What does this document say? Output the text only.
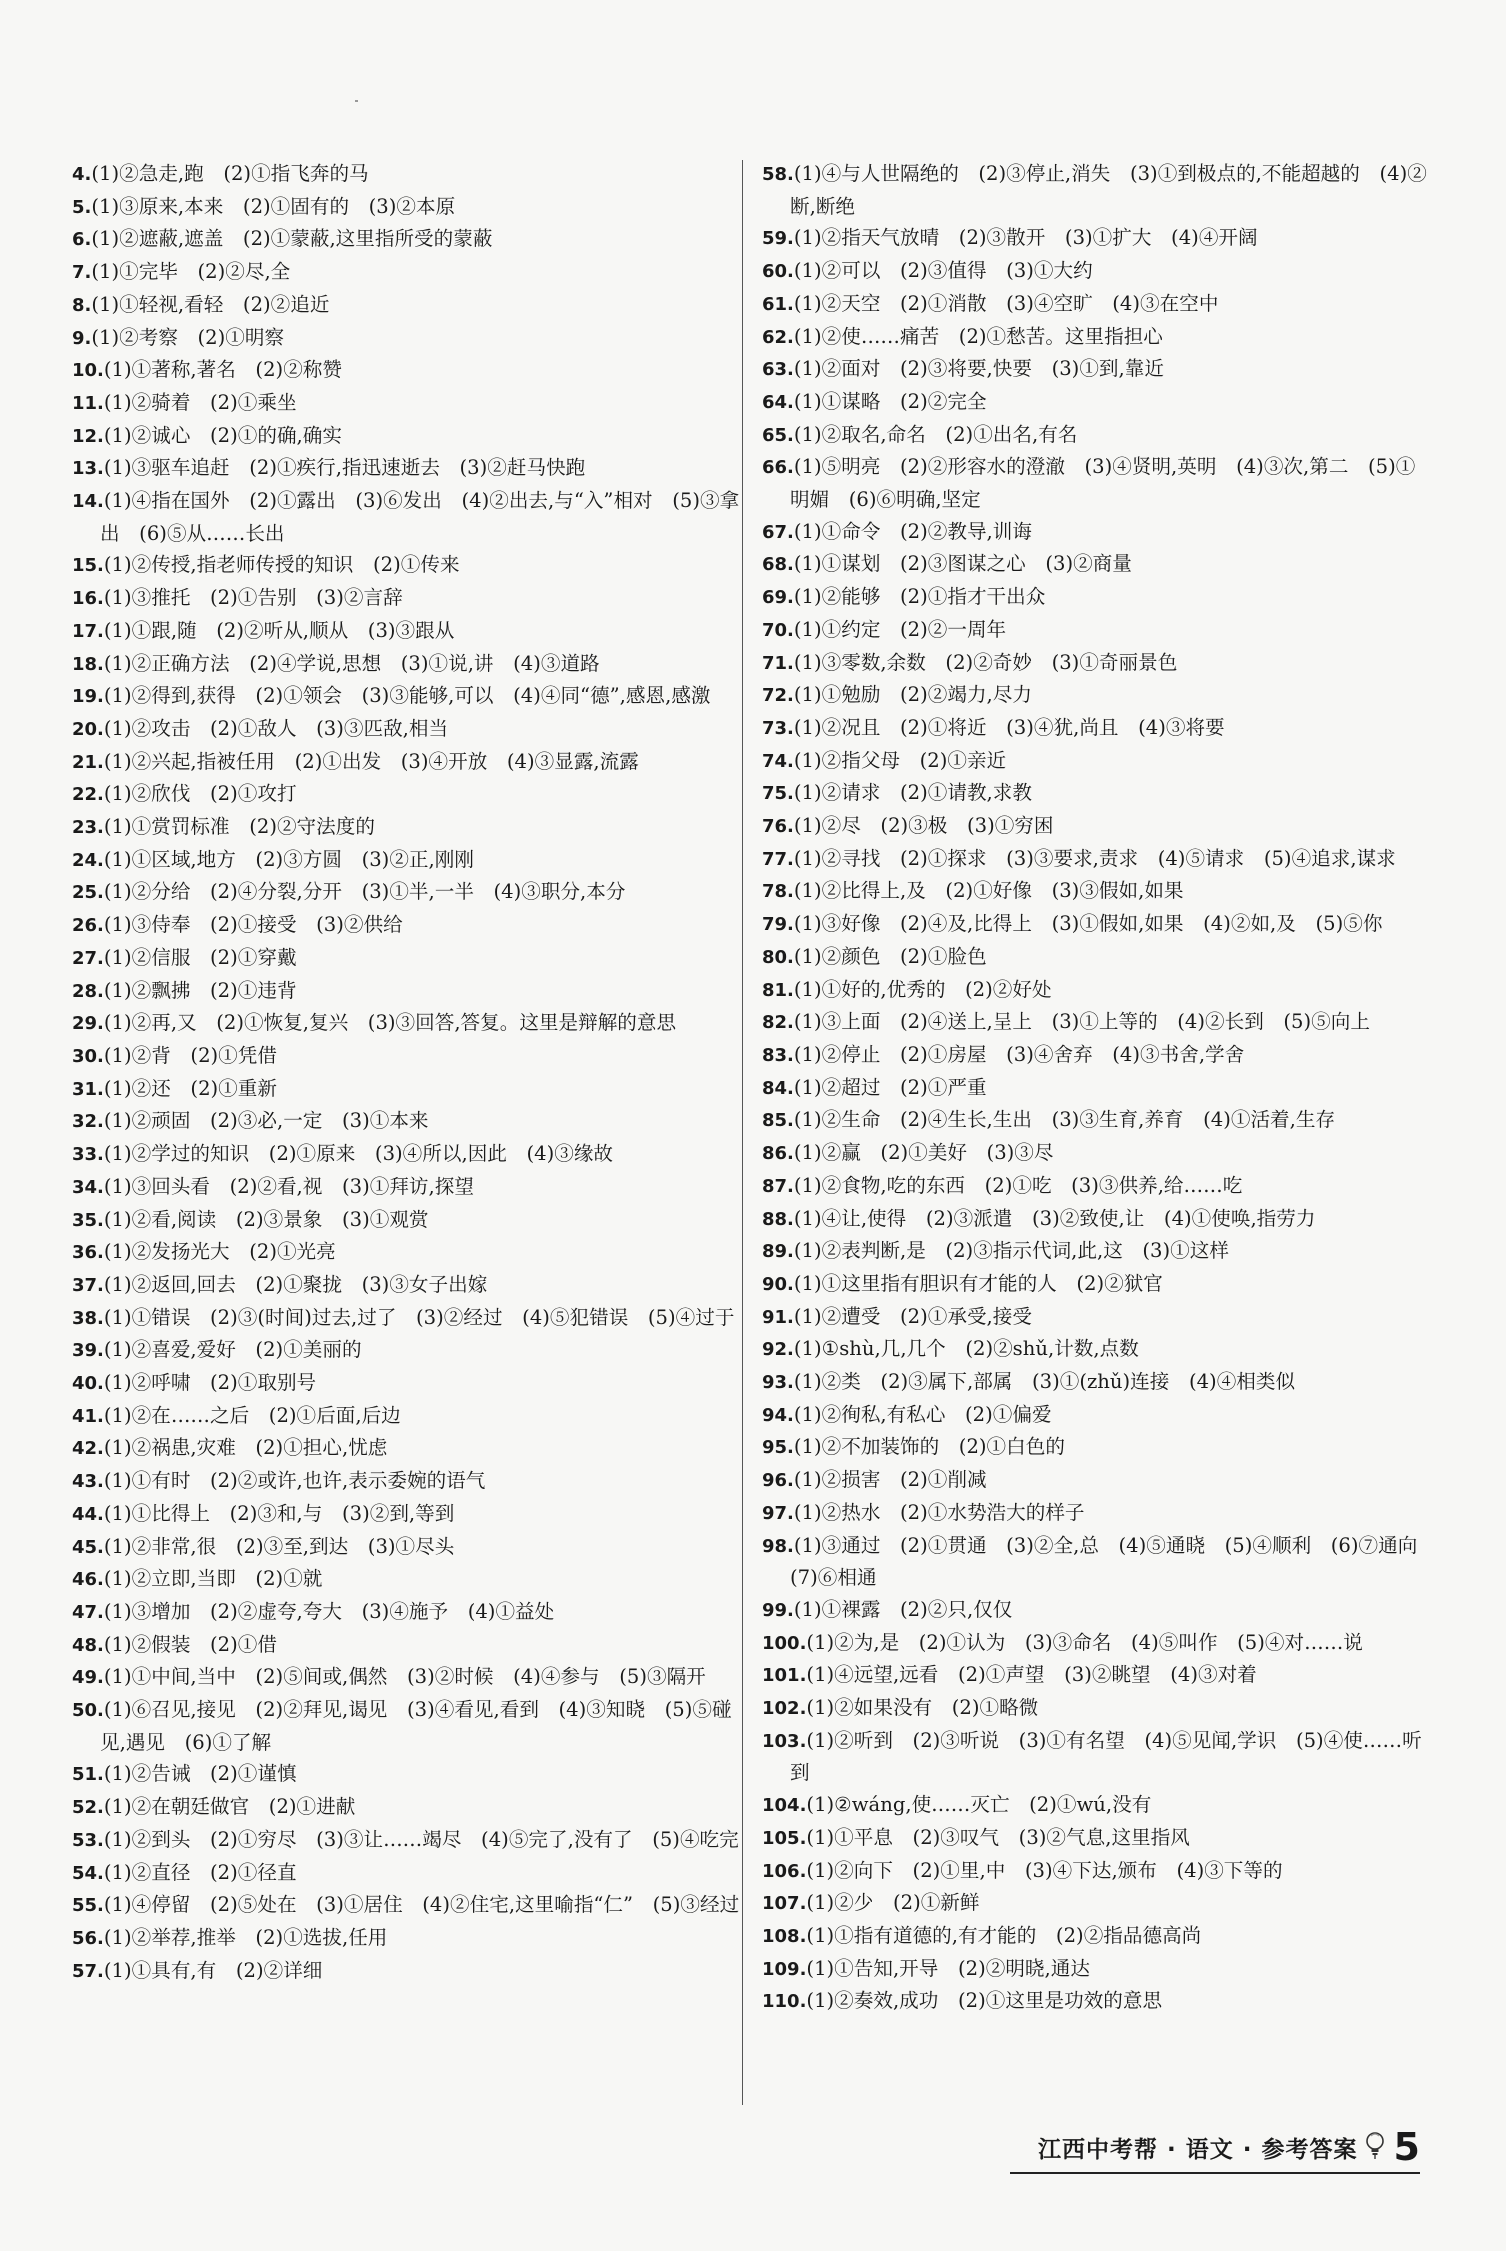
4.(1)②急走,跑　(2)①指飞奔的马
5.(1)③原来,本来　(2)①固有的　(3)②本原
6.(1)②遮蔽,遮盖　(2)①蒙蔽,这里指所受的蒙蔽
7.(1)①完毕　(2)②尽,全
8.(1)①轻视,看轻　(2)②追近
9.(1)②考察　(2)①明察
10.(1)①著称,著名　(2)②称赞
11.(1)②骑着　(2)①乘坐
12.(1)②诚心　(2)①的确,确实
13.(1)③驱车追赶　(2)①疾行,指迅速逝去　(3)②赶马快跑
14.(1)④指在国外　(2)①露出　(3)⑥发出　(4)②出去,与“入”相对　(5)③拿出　(6)⑤从……长出
15.(1)②传授,指老师传授的知识　(2)①传来
16.(1)③推托　(2)①告别　(3)②言辞
17.(1)①跟,随　(2)②听从,顺从　(3)③跟从
18.(1)②正确方法　(2)④学说,思想　(3)①说,讲　(4)③道路
19.(1)②得到,获得　(2)①领会　(3)③能够,可以　(4)④同“德”,感恩,感激
20.(1)②攻击　(2)①敌人　(3)③匹敌,相当
21.(1)②兴起,指被任用　(2)①出发　(3)④开放　(4)③显露,流露
22.(1)②欣伐　(2)①攻打
23.(1)①赏罚标准　(2)②守法度的
24.(1)①区域,地方　(2)③方圆　(3)②正,刚刚
25.(1)②分给　(2)④分裂,分开　(3)①半,一半　(4)③职分,本分
26.(1)③侍奉　(2)①接受　(3)②供给
27.(1)②信服　(2)①穿戴
28.(1)②飘拂　(2)①违背
29.(1)②再,又　(2)①恢复,复兴　(3)③回答,答复。这里是辩解的意思
30.(1)②背　(2)①凭借
31.(1)②还　(2)①重新
32.(1)②顽固　(2)③必,一定　(3)①本来
33.(1)②学过的知识　(2)①原来　(3)④所以,因此　(4)③缘故
34.(1)③回头看　(2)②看,视　(3)①拜访,探望
35.(1)②看,阅读　(2)③景象　(3)①观赏
36.(1)②发扬光大　(2)①光亮
37.(1)②返回,回去　(2)①聚拢　(3)③女子出嫁
38.(1)①错误　(2)③(时间)过去,过了　(3)②经过　(4)⑤犯错误　(5)④过于
39.(1)②喜爱,爱好　(2)①美丽的
40.(1)②呼啸　(2)①取别号
41.(1)②在……之后　(2)①后面,后边
42.(1)②祸患,灾难　(2)①担心,忧虑
43.(1)①有时　(2)②或许,也许,表示委婉的语气
44.(1)①比得上　(2)③和,与　(3)②到,等到
45.(1)②非常,很　(2)③至,到达　(3)①尽头
46.(1)②立即,当即　(2)①就
47.(1)③增加　(2)②虚夸,夸大　(3)④施予　(4)①益处
48.(1)②假装　(2)①借
49.(1)①中间,当中　(2)⑤间或,偶然　(3)②时候　(4)④参与　(5)③隔开
50.(1)⑥召见,接见　(2)②拜见,谒见　(3)④看见,看到　(4)③知晓　(5)⑤碰见,遇见　(6)①了解
51.(1)②告诫　(2)①谨慎
52.(1)②在朝廷做官　(2)①进献
53.(1)②到头　(2)①穷尽　(3)③让……竭尽　(4)⑤完了,没有了　(5)④吃完
54.(1)②直径　(2)①径直
55.(1)④停留　(2)⑤处在　(3)①居住　(4)②住宅,这里喻指“仁”　(5)③经过
56.(1)②举荐,推举　(2)①选拔,任用
57.(1)①具有,有　(2)②详细
58.(1)④与人世隔绝的　(2)③停止,消失　(3)①到极点的,不能超越的　(4)②断,断绝
59.(1)②指天气放晴　(2)③散开　(3)①扩大　(4)④开阔
60.(1)②可以　(2)③值得　(3)①大约
61.(1)②天空　(2)①消散　(3)④空旷　(4)③在空中
62.(1)②使……痛苦　(2)①愁苦。这里指担心
63.(1)②面对　(2)③将要,快要　(3)①到,靠近
64.(1)①谋略　(2)②完全
65.(1)②取名,命名　(2)①出名,有名
66.(1)⑤明亮　(2)②形容水的澄澈　(3)④贤明,英明　(4)③次,第二　(5)①明媚　(6)⑥明确,坚定
67.(1)①命令　(2)②教导,训诲
68.(1)①谋划　(2)③图谋之心　(3)②商量
69.(1)②能够　(2)①指才干出众
70.(1)①约定　(2)②一周年
71.(1)③零数,余数　(2)②奇妙　(3)①奇丽景色
72.(1)①勉励　(2)②竭力,尽力
73.(1)②况且　(2)①将近　(3)④犹,尚且　(4)③将要
74.(1)②指父母　(2)①亲近
75.(1)②请求　(2)①请教,求教
76.(1)②尽　(2)③极　(3)①穷困
77.(1)②寻找　(2)①探求　(3)③要求,责求　(4)⑤请求　(5)④追求,谋求
78.(1)②比得上,及　(2)①好像　(3)③假如,如果
79.(1)③好像　(2)④及,比得上　(3)①假如,如果　(4)②如,及　(5)⑤你
80.(1)②颜色　(2)①脸色
81.(1)①好的,优秀的　(2)②好处
82.(1)③上面　(2)④送上,呈上　(3)①上等的　(4)②长到　(5)⑤向上
83.(1)②停止　(2)①房屋　(3)④舍弃　(4)③书舍,学舍
84.(1)②超过　(2)①严重
85.(1)②生命　(2)④生长,生出　(3)③生育,养育　(4)①活着,生存
86.(1)②赢　(2)①美好　(3)③尽
87.(1)②食物,吃的东西　(2)①吃　(3)③供养,给……吃
88.(1)④让,使得　(2)③派遣　(3)②致使,让　(4)①使唤,指劳力
89.(1)②表判断,是　(2)③指示代词,此,这　(3)①这样
90.(1)①这里指有胆识有才能的人　(2)②狱官
91.(1)②遭受　(2)①承受,接受
92.(1)①shù,几,几个　(2)②shǔ,计数,点数
93.(1)②类　(2)③属下,部属　(3)①(zhǔ)连接　(4)④相类似
94.(1)②徇私,有私心　(2)①偏爱
95.(1)②不加装饰的　(2)①白色的
96.(1)②损害　(2)①削减
97.(1)②热水　(2)①水势浩大的样子
98.(1)③通过　(2)①贯通　(3)②全,总　(4)⑤通晓　(5)④顺利　(6)⑦通向　(7)⑥相通
99.(1)①裸露　(2)②只,仅仅
100.(1)②为,是　(2)①认为　(3)③命名　(4)⑤叫作　(5)④对……说
101.(1)④远望,远看　(2)①声望　(3)②眺望　(4)③对着
102.(1)②如果没有　(2)①略微
103.(1)②听到　(2)③听说　(3)①有名望　(4)⑤见闻,学识　(5)④使……听到
104.(1)②wáng,使……灭亡　(2)①wú,没有
105.(1)①平息　(2)③叹气　(3)②气息,这里指风
106.(1)②向下　(2)①里,中　(3)④下达,颁布　(4)③下等的
107.(1)②少　(2)①新鲜
108.(1)①指有道德的,有才能的　(2)②指品德高尚
109.(1)①告知,开导　(2)②明晓,通达
110.(1)②奏效,成功　(2)①这里是功效的意思
江西中考帮 · 语文 · 参考答案 5
